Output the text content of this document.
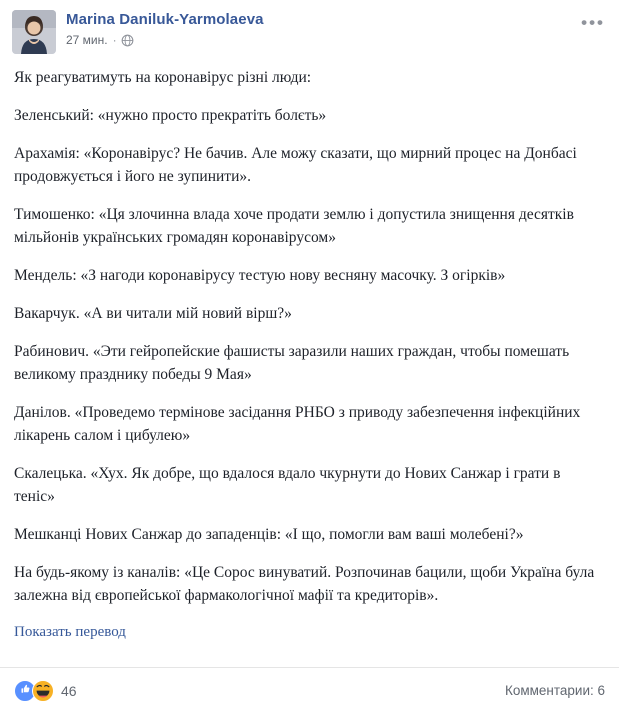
Marina Daniluk-Yarmolaeva
27 мин. ·
•••

Як реагуватимуть на коронавірус різні люди:

Зеленський: «нужно просто прекратіть болєть»

Арахамія: «Коронавірус? Не бачив. Але можу сказати, що мирний процес на Донбасі продовжується і його не зупинити».

Тимошенко: «Ця злочинна влада хоче продати землю і допустила знищення десятків мільйонів українських громадян коронавірусом»

Мендель: «З нагоди коронавірусу тестую нову весняну масочку. З огірків»

Вакарчук. «А ви читали мій новий вірш?»

Рабинович. «Эти гейропейские фашисты заразили наших граждан, чтобы помешать великому празднику победы 9 Мая»

Данілов. «Проведемо термінове засідання РНБО з приводу забезпечення інфекційних лікарень салом і цибулею»

Скалецька. «Хух. Як добре, що вдалося вдало чкурнути до Нових Санжар і грати в теніс»

Мешканці Нових Санжар до западенців: «І що, помогли вам ваші молебені?»

На будь-якому із каналів: «Це Сорос винуватий. Розпочинав бацили, щоби Україна була залежна від європейської фармакологічної мафії та кредиторів».

Показать перевод
46	Комментарии: 6
